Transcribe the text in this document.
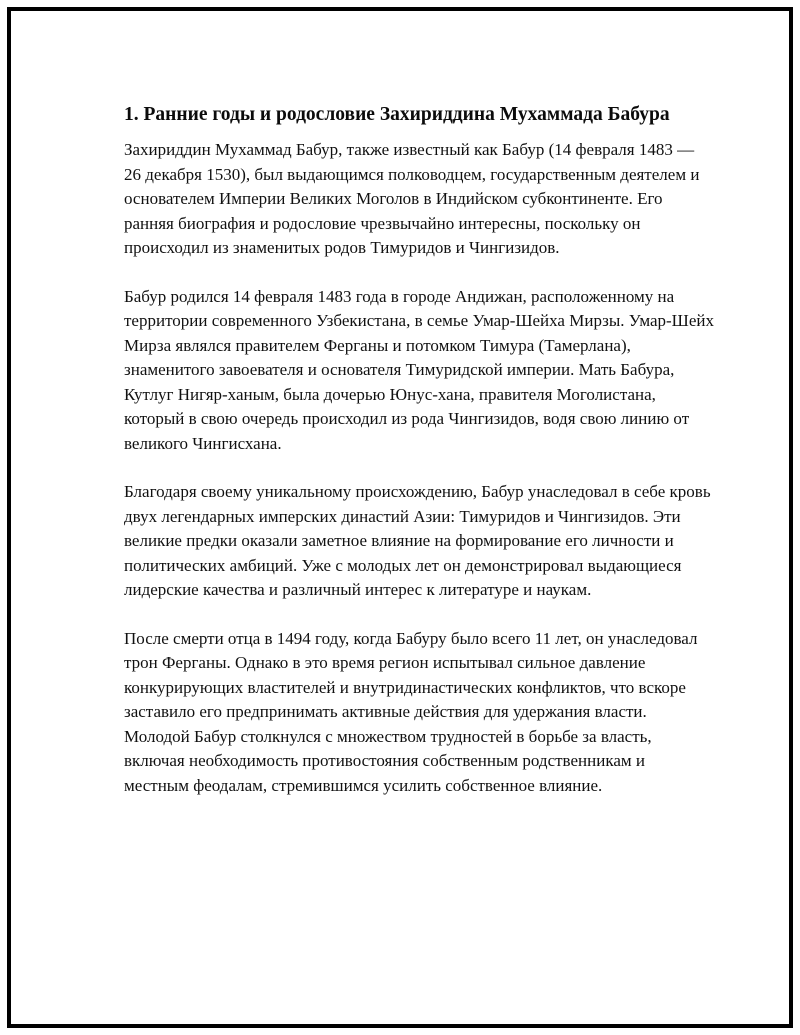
1. Ранние годы и родословие Захириддина Мухаммада Бабура

Захириддин Мухаммад Бабур, также известный как Бабур (14 февраля 1483 — 26 декабря 1530), был выдающимся полководцем, государственным деятелем и основателем Империи Великих Моголов в Индийском субконтиненте. Его ранняя биография и родословие чрезвычайно интересны, поскольку он происходил из знаменитых родов Тимуридов и Чингизидов.

Бабур родился 14 февраля 1483 года в городе Андижан, расположенному на территории современного Узбекистана, в семье Умар-Шейха Мирзы. Умар-Шейх Мирза являлся правителем Ферганы и потомком Тимура (Тамерлана), знаменитого завоевателя и основателя Тимуридской империи. Мать Бабура, Кутлуг Нигяр-ханым, была дочерью Юнус-хана, правителя Моголистана, который в свою очередь происходил из рода Чингизидов, водя свою линию от великого Чингисхана.

Благодаря своему уникальному происхождению, Бабур унаследовал в себе кровь двух легендарных имперских династий Азии: Тимуридов и Чингизидов. Эти великие предки оказали заметное влияние на формирование его личности и политических амбиций. Уже с молодых лет он демонстрировал выдающиеся лидерские качества и различный интерес к литературе и наукам.

После смерти отца в 1494 году, когда Бабуру было всего 11 лет, он унаследовал трон Ферганы. Однако в это время регион испытывал сильное давление конкурирующих властителей и внутридинастических конфликтов, что вскоре заставило его предпринимать активные действия для удержания власти. Молодой Бабур столкнулся с множеством трудностей в борьбе за власть, включая необходимость противостояния собственным родственникам и местным феодалам, стремившимся усилить собственное влияние.
